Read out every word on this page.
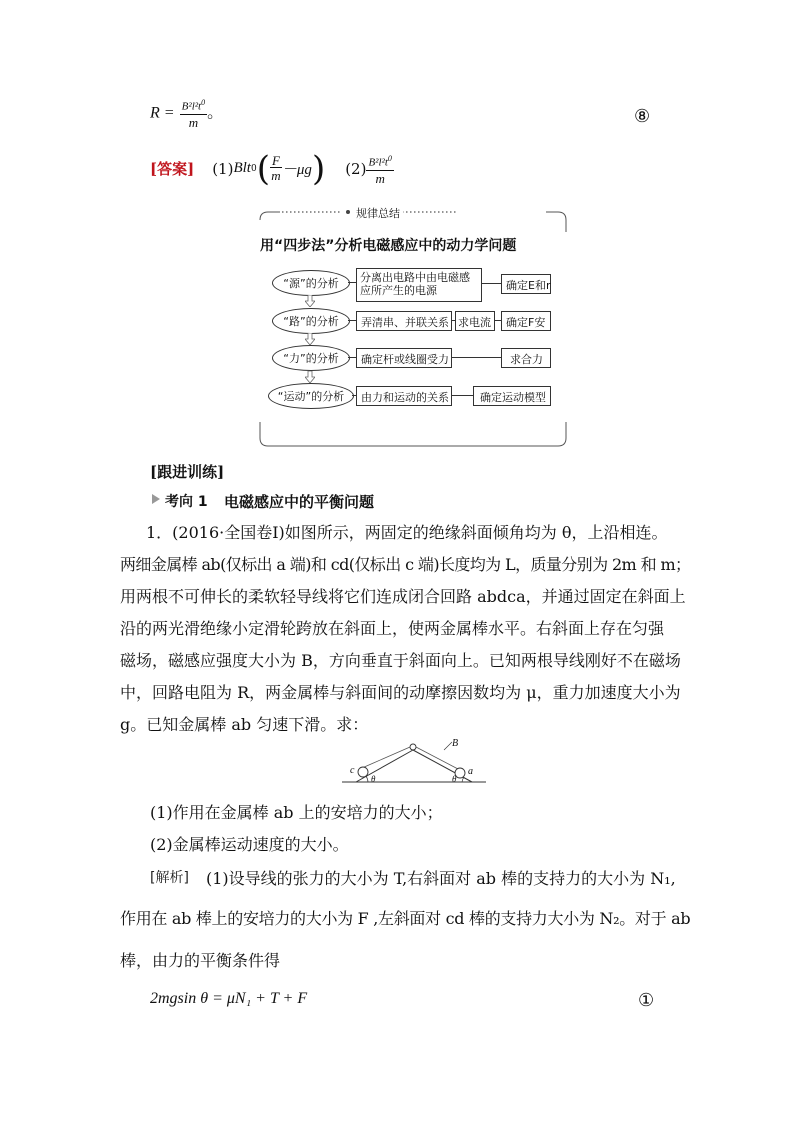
$R = \frac{B^2l^2t^0}{m}$ 。	⑧
[答案] (1) Blt 0 ( $\frac{F}{m} -\mu g$ ) $(2) \frac{B^2l^2t^0}{m}$
规律总结
用“四步法”分析电磁感应中的动力学问题
“源”的分析	分离出电路中由电磁感应所产生的电源	确定E和r
“路”的分析	弄清串、并联关系 求电流 确定F安
“力”的分析	确定杆或线圈受力	求合力
“运动”的分析	由力和运动的关系	确定运动模型
[跟进训练]
考向 1 电磁感应中的平衡问题
1．(2016·全国卷Ⅰ)如图所示，两固定的绝缘斜面倾角均为 θ，上沿相连。
两细金属棒 ab(仅标出 a 端)和 cd(仅标出 c 端)长度均为 L，质量分别为 2m 和 m；
用两根不可伸长的柔软轻导线将它们连成闭合回路 abdca，并通过固定在斜面上
沿的两光滑绝缘小定滑轮跨放在斜面上，使两金属棒水平。右斜面上存在匀强
磁场，磁感应强度大小为 B，方向垂直于斜面向上。已知两根导线刚好不在磁场
中，回路电阻为 R，两金属棒与斜面间的动摩擦因数均为 μ，重力加速度大小为
g。已知金属棒 ab 匀速下滑。求：
B
c	a
θ	θ
(1)作用在金属棒 ab 上的安培力的大小；
(2)金属棒运动速度的大小。
[解析] (1)设导线的张力的大小为 T,右斜面对 ab 棒的支持力的大小为 N₁,
作用在 ab 棒上的安培力的大小为 F ,左斜面对 cd 棒的支持力大小为 N₂。对于 ab
棒，由力的平衡条件得
2mgsin θ = μN₁ + T + F	①
